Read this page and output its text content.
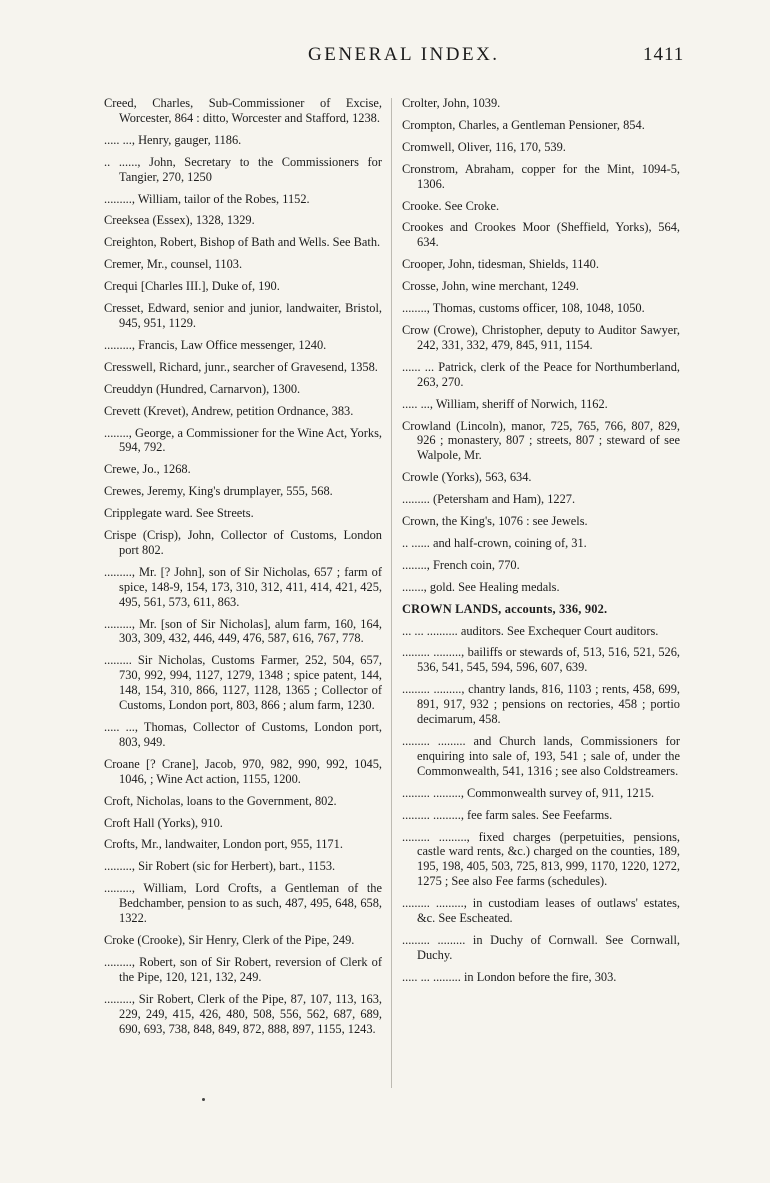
GENERAL INDEX.	1411

Creed, Charles, Sub-Commissioner of Excise, Worcester, 864 : ditto, Worcester and Stafford, 1238.

..... ..., Henry, gauger, 1186.

.. ......, John, Secretary to the Commissioners for Tangier, 270, 1250

........., William, tailor of the Robes, 1152.

Creeksea (Essex), 1328, 1329.

Creighton, Robert, Bishop of Bath and Wells. See Bath.

Cremer, Mr., counsel, 1103.

Crequi [Charles III.], Duke of, 190.

Cresset, Edward, senior and junior, landwaiter, Bristol, 945, 951, 1129.

........., Francis, Law Office messenger, 1240.

Cresswell, Richard, junr., searcher of Gravesend, 1358.

Creuddyn (Hundred, Carnarvon), 1300.

Crevett (Krevet), Andrew, petition Ordnance, 383.

........, George, a Commissioner for the Wine Act, Yorks, 594, 792.

Crewe, Jo., 1268.

Crewes, Jeremy, King's drumplayer, 555, 568.

Cripplegate ward. See Streets.

Crispe (Crisp), John, Collector of Customs, London port 802.

........., Mr. [? John], son of Sir Nicholas, 657 ; farm of spice, 148-9, 154, 173, 310, 312, 411, 414, 421, 425, 495, 561, 573, 611, 863.

........., Mr. [son of Sir Nicholas], alum farm, 160, 164, 303, 309, 432, 446, 449, 476, 587, 616, 767, 778.

......... Sir Nicholas, Customs Farmer, 252, 504, 657, 730, 992, 994, 1127, 1279, 1348 ; spice patent, 144, 148, 154, 310, 866, 1127, 1128, 1365 ; Collector of Customs, London port, 803, 866 ; alum farm, 1230.

..... ..., Thomas, Collector of Customs, London port, 803, 949.

Croane [? Crane], Jacob, 970, 982, 990, 992, 1045, 1046, ; Wine Act action, 1155, 1200.

Croft, Nicholas, loans to the Government, 802.

Croft Hall (Yorks), 910.

Crofts, Mr., landwaiter, London port, 955, 1171.

........., Sir Robert (sic for Herbert), bart., 1153.

........., William, Lord Crofts, a Gentleman of the Bedchamber, pension to as such, 487, 495, 648, 658, 1322.

Croke (Crooke), Sir Henry, Clerk of the Pipe, 249.

........., Robert, son of Sir Robert, reversion of Clerk of the Pipe, 120, 121, 132, 249.

........., Sir Robert, Clerk of the Pipe, 87, 107, 113, 163, 229, 249, 415, 426, 480, 508, 556, 562, 687, 689, 690, 693, 738, 848, 849, 872, 888, 897, 1155, 1243.

Crolter, John, 1039.

Crompton, Charles, a Gentleman Pensioner, 854.

Cromwell, Oliver, 116, 170, 539.

Cronstrom, Abraham, copper for the Mint, 1094-5, 1306.

Crooke. See Croke.

Crookes and Crookes Moor (Sheffield, Yorks), 564, 634.

Crooper, John, tidesman, Shields, 1140.

Crosse, John, wine merchant, 1249.

........, Thomas, customs officer, 108, 1048, 1050.

Crow (Crowe), Christopher, deputy to Auditor Sawyer, 242, 331, 332, 479, 845, 911, 1154.

...... ... Patrick, clerk of the Peace for Northumberland, 263, 270.

..... ..., William, sheriff of Norwich, 1162.

Crowland (Lincoln), manor, 725, 765, 766, 807, 829, 926 ; monastery, 807 ; streets, 807 ; steward of see Walpole, Mr.

Crowle (Yorks), 563, 634.

......... (Petersham and Ham), 1227.

Crown, the King's, 1076 : see Jewels.

.. ...... and half-crown, coining of, 31.

........, French coin, 770.

......., gold. See Healing medals.

CROWN LANDS, accounts, 336, 902.

... ... .......... auditors. See Exchequer Court auditors.

......... ........., bailiffs or stewards of, 513, 516, 521, 526, 536, 541, 545, 594, 596, 607, 639.

......... ........., chantry lands, 816, 1103 ; rents, 458, 699, 891, 917, 932 ; pensions on rectories, 458 ; portio decimarum, 458.

......... ......... and Church lands, Commissioners for enquiring into sale of, 193, 541 ; sale of, under the Commonwealth, 541, 1316 ; see also Coldstreamers.

......... ........., Commonwealth survey of, 911, 1215.

......... ........., fee farm sales. See Feefarms.

......... ........., fixed charges (perpetuities, pensions, castle ward rents, &c.) charged on the counties, 189, 195, 198, 405, 503, 725, 813, 999, 1170, 1220, 1272, 1275 ; See also Fee farms (schedules).

......... ........., in custodiam leases of outlaws' estates, &c. See Escheated.

......... ......... in Duchy of Cornwall. See Cornwall, Duchy.

..... ... ......... in London before the fire, 303.
